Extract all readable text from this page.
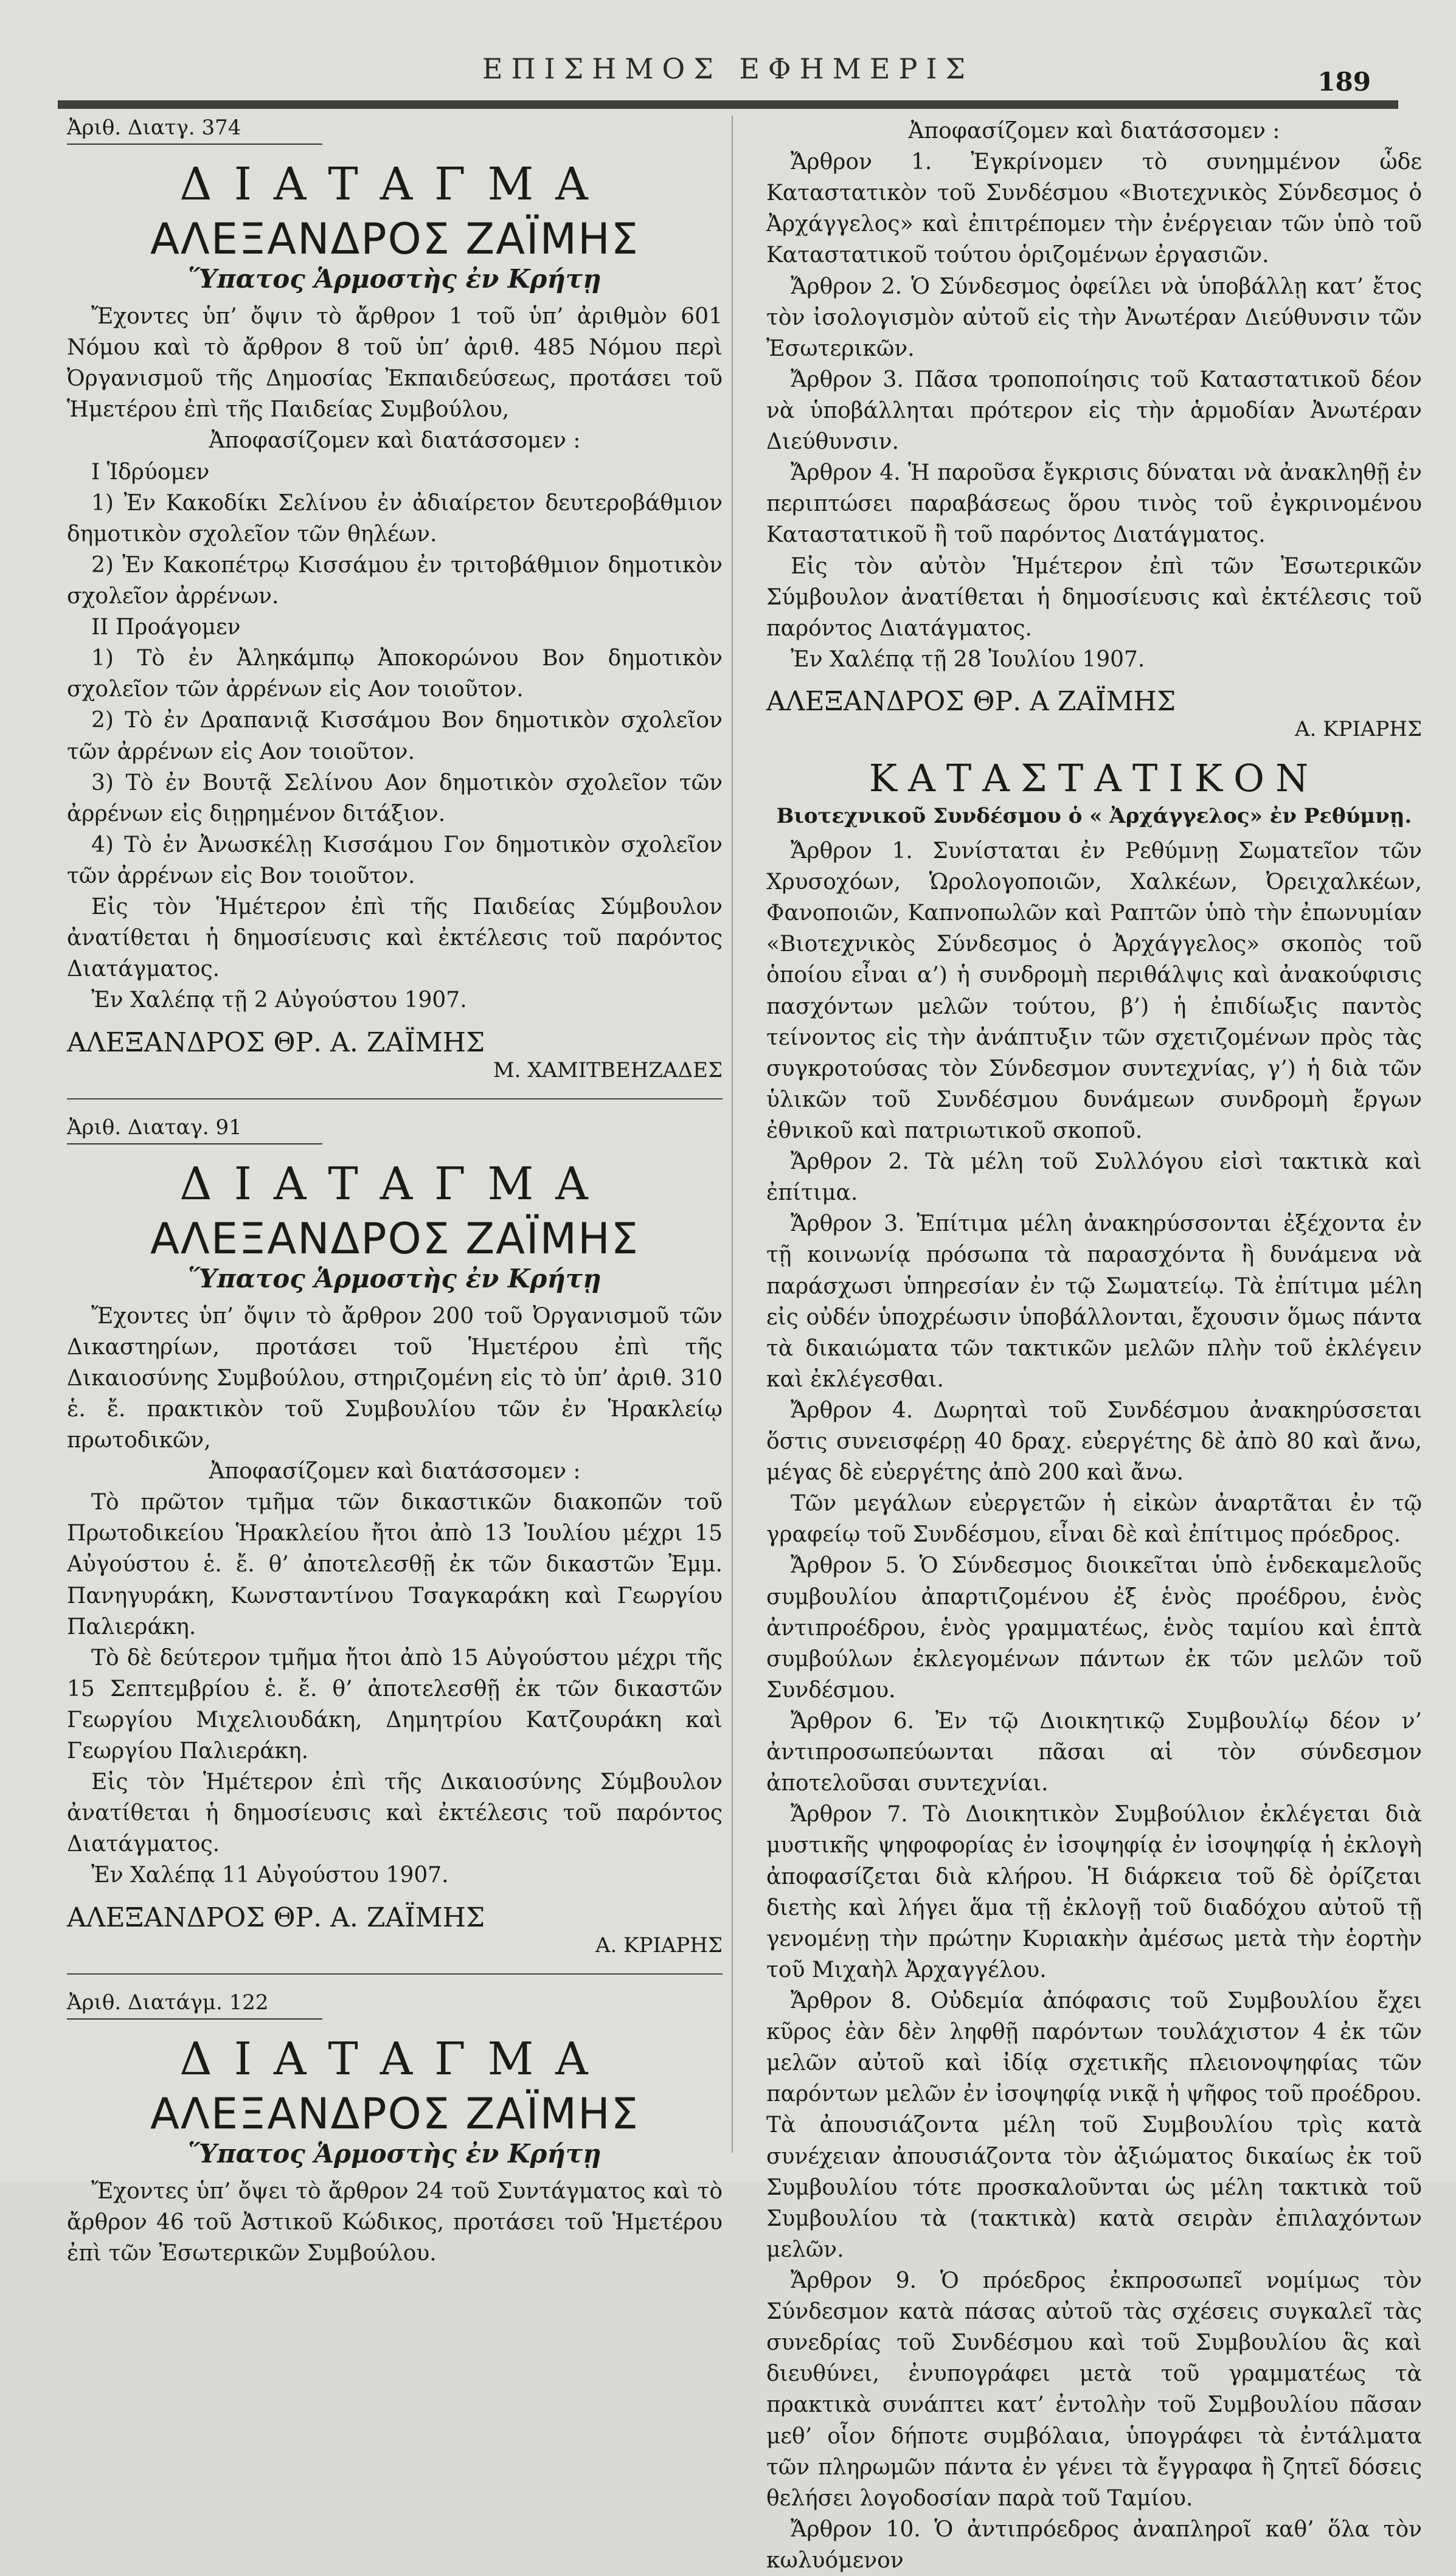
ΕΠΙΣΗΜΟΣ ΕΦΗΜΕΡΙΣ	189
Ἀριθ. Διατγ. 374
ΔΙΑΤΑΓΜΑ
ΑΛΕΞΑΝΔΡΟΣ ΖΑΪΜΗΣ
Ὕπατος Ἁρμοστὴς ἐν Κρήτῃ

Ἔχοντες ὑπ’ ὄψιν τὸ ἄρθρον 1 τοῦ ὑπ’ ἀριθμὸν 601 Νόμου καὶ τὸ ἄρθρον 8 τοῦ ὑπ’ ἀριθ. 485 Νόμου περὶ Ὀργανισμοῦ τῆς Δημοσίας Ἐκπαιδεύσεως, προτάσει τοῦ Ἡμετέρου ἐπὶ τῆς Παιδείας Συμβούλου,

Ἀποφασίζομεν καὶ διατάσσομεν :

Ι Ἱδρύομεν

1) Ἐν Κακοδίκι Σελίνου ἐν ἀδιαίρετον δευτεροβάθμιον δημοτικὸν σχολεῖον τῶν θηλέων.

2) Ἐν Κακοπέτρῳ Κισσάμου ἐν τριτοβάθμιον δημοτικὸν σχολεῖον ἀρρένων.

ΙΙ Προάγομεν

1) Τὸ ἐν Ἀληκάμπῳ Ἀποκορώνου Βον δημοτικὸν σχολεῖον τῶν ἀρρένων εἰς Αον τοιοῦτον.

2) Τὸ ἐν Δραπανιᾷ Κισσάμου Βον δημοτικὸν σχολεῖον τῶν ἀρρένων εἰς Αον τοιοῦτον.

3) Τὸ ἐν Βουτᾷ Σελίνου Αον δημοτικὸν σχολεῖον τῶν ἀρρένων εἰς διῃρημένον διτάξιον.

4) Τὸ ἐν Ἀνωσκέλῃ Κισσάμου Γον δημοτικὸν σχολεῖον τῶν ἀρρένων εἰς Βον τοιοῦτον.

Εἰς τὸν Ἡμέτερον ἐπὶ τῆς Παιδείας Σύμβουλον ἀνατίθεται ἡ δημοσίευσις καὶ ἐκτέλεσις τοῦ παρόντος Διατάγματος.

Ἐν Χαλέπᾳ τῇ 2 Αὐγούστου 1907.

ΑΛΕΞΑΝΔΡΟΣ ΘΡ. Α. ΖΑΪΜΗΣ
Μ. ΧΑΜΙΤΒΕΗΖΑΔΕΣ
Ἀριθ. Διαταγ. 91
ΔΙΑΤΑΓΜΑ
ΑΛΕΞΑΝΔΡΟΣ ΖΑΪΜΗΣ
Ὕπατος Ἁρμοστὴς ἐν Κρήτῃ

Ἔχοντες ὑπ’ ὄψιν τὸ ἄρθρον 200 τοῦ Ὀργανισμοῦ τῶν Δικαστηρίων, προτάσει τοῦ Ἡμετέρου ἐπὶ τῆς Δικαιοσύνης Συμβούλου, στηριζομένη εἰς τὸ ὑπ’ ἀριθ. 310 ἑ. ἔ. πρακτικὸν τοῦ Συμβουλίου τῶν ἐν Ἡρακλείῳ πρωτοδικῶν,

Ἀποφασίζομεν καὶ διατάσσομεν :

Τὸ πρῶτον τμῆμα τῶν δικαστικῶν διακοπῶν τοῦ Πρωτοδικείου Ἡρακλείου ἤτοι ἀπὸ 13 Ἰουλίου μέχρι 15 Αὐγούστου ἑ. ἔ. θ’ ἀποτελεσθῇ ἐκ τῶν δικαστῶν Ἐμμ. Πανηγυράκη, Κωνσταντίνου Τσαγκαράκη καὶ Γεωργίου Παλιεράκη.

Τὸ δὲ δεύτερον τμῆμα ἤτοι ἀπὸ 15 Αὐγούστου μέχρι τῆς 15 Σεπτεμβρίου ἑ. ἔ. θ’ ἀποτελεσθῇ ἐκ τῶν δικαστῶν Γεωργίου Μιχελιουδάκη, Δημητρίου Κατζουράκη καὶ Γεωργίου Παλιεράκη.

Εἰς τὸν Ἡμέτερον ἐπὶ τῆς Δικαιοσύνης Σύμβουλον ἀνατίθεται ἡ δημοσίευσις καὶ ἐκτέλεσις τοῦ παρόντος Διατάγματος.

Ἐν Χαλέπᾳ 11 Αὐγούστου 1907.

ΑΛΕΞΑΝΔΡΟΣ ΘΡ. Α. ΖΑΪΜΗΣ
Α. ΚΡΙΑΡΗΣ
Ἀριθ. Διατάγμ. 122
ΔΙΑΤΑΓΜΑ
ΑΛΕΞΑΝΔΡΟΣ ΖΑΪΜΗΣ
Ὕπατος Ἁρμοστὴς ἐν Κρήτῃ

Ἔχοντες ὑπ’ ὄψει τὸ ἄρθρον 24 τοῦ Συντάγματος καὶ τὸ ἄρθρον 46 τοῦ Ἀστικοῦ Κώδικος, προτάσει τοῦ Ἡμετέρου ἐπὶ τῶν Ἐσωτερικῶν Συμβούλου.

Ἀποφασίζομεν καὶ διατάσσομεν :

Ἄρθρον 1. Ἐγκρίνομεν τὸ συνημμένον ὧδε Καταστατικὸν τοῦ Συνδέσμου «Βιοτεχνικὸς Σύνδεσμος ὁ Ἀρχάγγελος» καὶ ἐπιτρέπομεν τὴν ἐνέργειαν τῶν ὑπὸ τοῦ Καταστατικοῦ τούτου ὁριζομένων ἐργασιῶν.

Ἄρθρον 2. Ὁ Σύνδεσμος ὀφείλει νὰ ὑποβάλλῃ κατ’ ἔτος τὸν ἰσολογισμὸν αὐτοῦ εἰς τὴν Ἀνωτέραν Διεύθυνσιν τῶν Ἐσωτερικῶν.

Ἄρθρον 3. Πᾶσα τροποποίησις τοῦ Καταστατικοῦ δέον νὰ ὑποβάλληται πρότερον εἰς τὴν ἁρμοδίαν Ἀνωτέραν Διεύθυνσιν.

Ἄρθρον 4. Ἡ παροῦσα ἔγκρισις δύναται νὰ ἀνακληθῇ ἐν περιπτώσει παραβάσεως ὅρου τινὸς τοῦ ἐγκρινομένου Καταστατικοῦ ἢ τοῦ παρόντος Διατάγματος.

Εἰς τὸν αὐτὸν Ἡμέτερον ἐπὶ τῶν Ἐσωτερικῶν Σύμβουλον ἀνατίθεται ἡ δημοσίευσις καὶ ἐκτέλεσις τοῦ παρόντος Διατάγματος.

Ἐν Χαλέπᾳ τῇ 28 Ἰουλίου 1907.

ΑΛΕΞΑΝΔΡΟΣ ΘΡ. Α ΖΑΪΜΗΣ
Α. ΚΡΙΑΡΗΣ
ΚΑΤΑΣΤΑΤΙΚΟΝ
Βιοτεχνικοῦ Συνδέσμου ὁ « Ἀρχάγγελος» ἐν Ρεθύμνῃ.

Ἄρθρον 1. Συνίσταται ἐν Ρεθύμνῃ Σωματεῖον τῶν Χρυσοχόων, Ὡρολογοποιῶν, Χαλκέων, Ὀρειχαλκέων, Φανοποιῶν, Καπνοπωλῶν καὶ Ραπτῶν ὑπὸ τὴν ἐπωνυμίαν «Βιοτεχνικὸς Σύνδεσμος ὁ Ἀρχάγγελος» σκοπὸς τοῦ ὁποίου εἶναι α’) ἡ συνδρομὴ περιθάλψις καὶ ἀνακούφισις πασχόντων μελῶν τούτου, β’) ἡ ἐπιδίωξις παντὸς τείνοντος εἰς τὴν ἀνάπτυξιν τῶν σχετιζομένων πρὸς τὰς συγκροτούσας τὸν Σύνδεσμον συντεχνίας, γ’) ἡ διὰ τῶν ὑλικῶν τοῦ Συνδέσμου δυνάμεων συνδρομὴ ἔργων ἐθνικοῦ καὶ πατριωτικοῦ σκοποῦ.

Ἄρθρον 2. Τὰ μέλη τοῦ Συλλόγου εἰσὶ τακτικὰ καὶ ἐπίτιμα.

Ἄρθρον 3. Ἐπίτιμα μέλη ἀνακηρύσσονται ἐξέχοντα ἐν τῇ κοινωνίᾳ πρόσωπα τὰ παρασχόντα ἢ δυνάμενα νὰ παράσχωσι ὑπηρεσίαν ἐν τῷ Σωματείῳ. Τὰ ἐπίτιμα μέλη εἰς οὐδέν ὑποχρέωσιν ὑποβάλλονται, ἔχουσιν ὅμως πάντα τὰ δικαιώματα τῶν τακτικῶν μελῶν πλὴν τοῦ ἐκλέγειν καὶ ἐκλέγεσθαι.

Ἄρθρον 4. Δωρηταὶ τοῦ Συνδέσμου ἀνακηρύσσεται ὅστις συνεισφέρῃ 40 δραχ. εὐεργέτης δὲ ἀπὸ 80 καὶ ἄνω, μέγας δὲ εὐεργέτης ἀπὸ 200 καὶ ἄνω.

Τῶν μεγάλων εὐεργετῶν ἡ εἰκὼν ἀναρτᾶται ἐν τῷ γραφείῳ τοῦ Συνδέσμου, εἶναι δὲ καὶ ἐπίτιμος πρόεδρος.

Ἄρθρον 5. Ὁ Σύνδεσμος διοικεῖται ὑπὸ ἑνδεκαμελοῦς συμβουλίου ἀπαρτιζομένου ἐξ ἑνὸς προέδρου, ἑνὸς ἀντιπροέδρου, ἑνὸς γραμματέως, ἑνὸς ταμίου καὶ ἑπτὰ συμβούλων ἐκλεγομένων πάντων ἐκ τῶν μελῶν τοῦ Συνδέσμου.

Ἄρθρον 6. Ἐν τῷ Διοικητικῷ Συμβουλίῳ δέον ν’ ἀντιπροσωπεύωνται πᾶσαι αἱ τὸν σύνδεσμον ἀποτελοῦσαι συντεχνίαι.

Ἄρθρον 7. Τὸ Διοικητικὸν Συμβούλιον ἐκλέγεται διὰ μυστικῆς ψηφοφορίας ἐν ἰσοψηφίᾳ ἐν ἰσοψηφίᾳ ἡ ἐκλογὴ ἀποφασίζεται διὰ κλήρου. Ἡ διάρκεια τοῦ δὲ ὀρίζεται διετὴς καὶ λήγει ἅμα τῇ ἐκλογῇ τοῦ διαδόχου αὐτοῦ τῇ γενομένῃ τὴν πρώτην Κυριακὴν ἀμέσως μετὰ τὴν ἑορτὴν τοῦ Μιχαὴλ Ἀρχαγγέλου.

Ἄρθρον 8. Οὐδεμία ἀπόφασις τοῦ Συμβουλίου ἔχει κῦρος ἐὰν δὲν ληφθῇ παρόντων τουλάχιστον 4 ἐκ τῶν μελῶν αὐτοῦ καὶ ἰδίᾳ σχετικῆς πλειονοψηφίας τῶν παρόντων μελῶν ἐν ἰσοψηφίᾳ νικᾷ ἡ ψῆφος τοῦ προέδρου. Τὰ ἀπουσιάζοντα μέλη τοῦ Συμβουλίου τρὶς κατὰ συνέχειαν ἀπουσιάζοντα τὸν ἀξιώματος δικαίως ἐκ τοῦ Συμβουλίου τότε προσκαλοῦνται ὡς μέλη τακτικὰ τοῦ Συμβουλίου τὰ (τακτικὰ) κατὰ σειρὰν ἐπιλαχόντων μελῶν.

Ἄρθρον 9. Ὁ πρόεδρος ἐκπροσωπεῖ νομίμως τὸν Σύνδεσμον κατὰ πάσας αὐτοῦ τὰς σχέσεις συγκαλεῖ τὰς συνεδρίας τοῦ Συνδέσμου καὶ τοῦ Συμβουλίου ἃς καὶ διευθύνει, ἐνυπογράφει μετὰ τοῦ γραμματέως τὰ πρακτικὰ συνάπτει κατ’ ἐντολὴν τοῦ Συμβουλίου πᾶσαν μεθ’ οἷον δήποτε συμβόλαια, ὑπογράφει τὰ ἐντάλματα τῶν πληρωμῶν πάντα ἐν γένει τὰ ἔγγραφα ἢ ζητεῖ δόσεις θελήσει λογοδοσίαν παρὰ τοῦ Ταμίου.

Ἄρθρον 10. Ὁ ἀντιπρόεδρος ἀναπληροῖ καθ’ ὅλα τὸν κωλυόμενον
